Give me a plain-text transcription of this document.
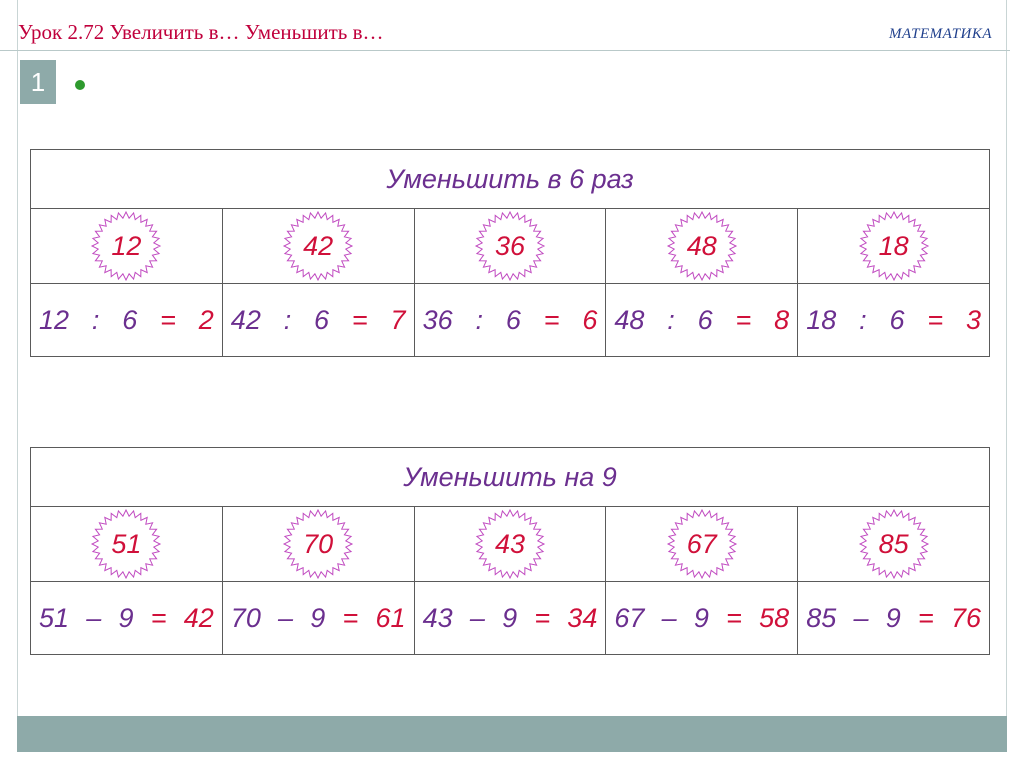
Урок 2.72 Увеличить в… Уменьшить в…	МАТЕМАТИКА
1
Уменьшить в 6 раз				

12	42	36	48	18

12 : 6 = 2	42 : 6 = 7	36 : 6 = 6	48 : 6 = 8	18 : 6 = 3
Уменьшить на 9				

51	70	43	67	85

51 – 9 = 42	70 – 9 = 61	43 – 9 = 34	67 – 9 = 58	85 – 9 = 76
